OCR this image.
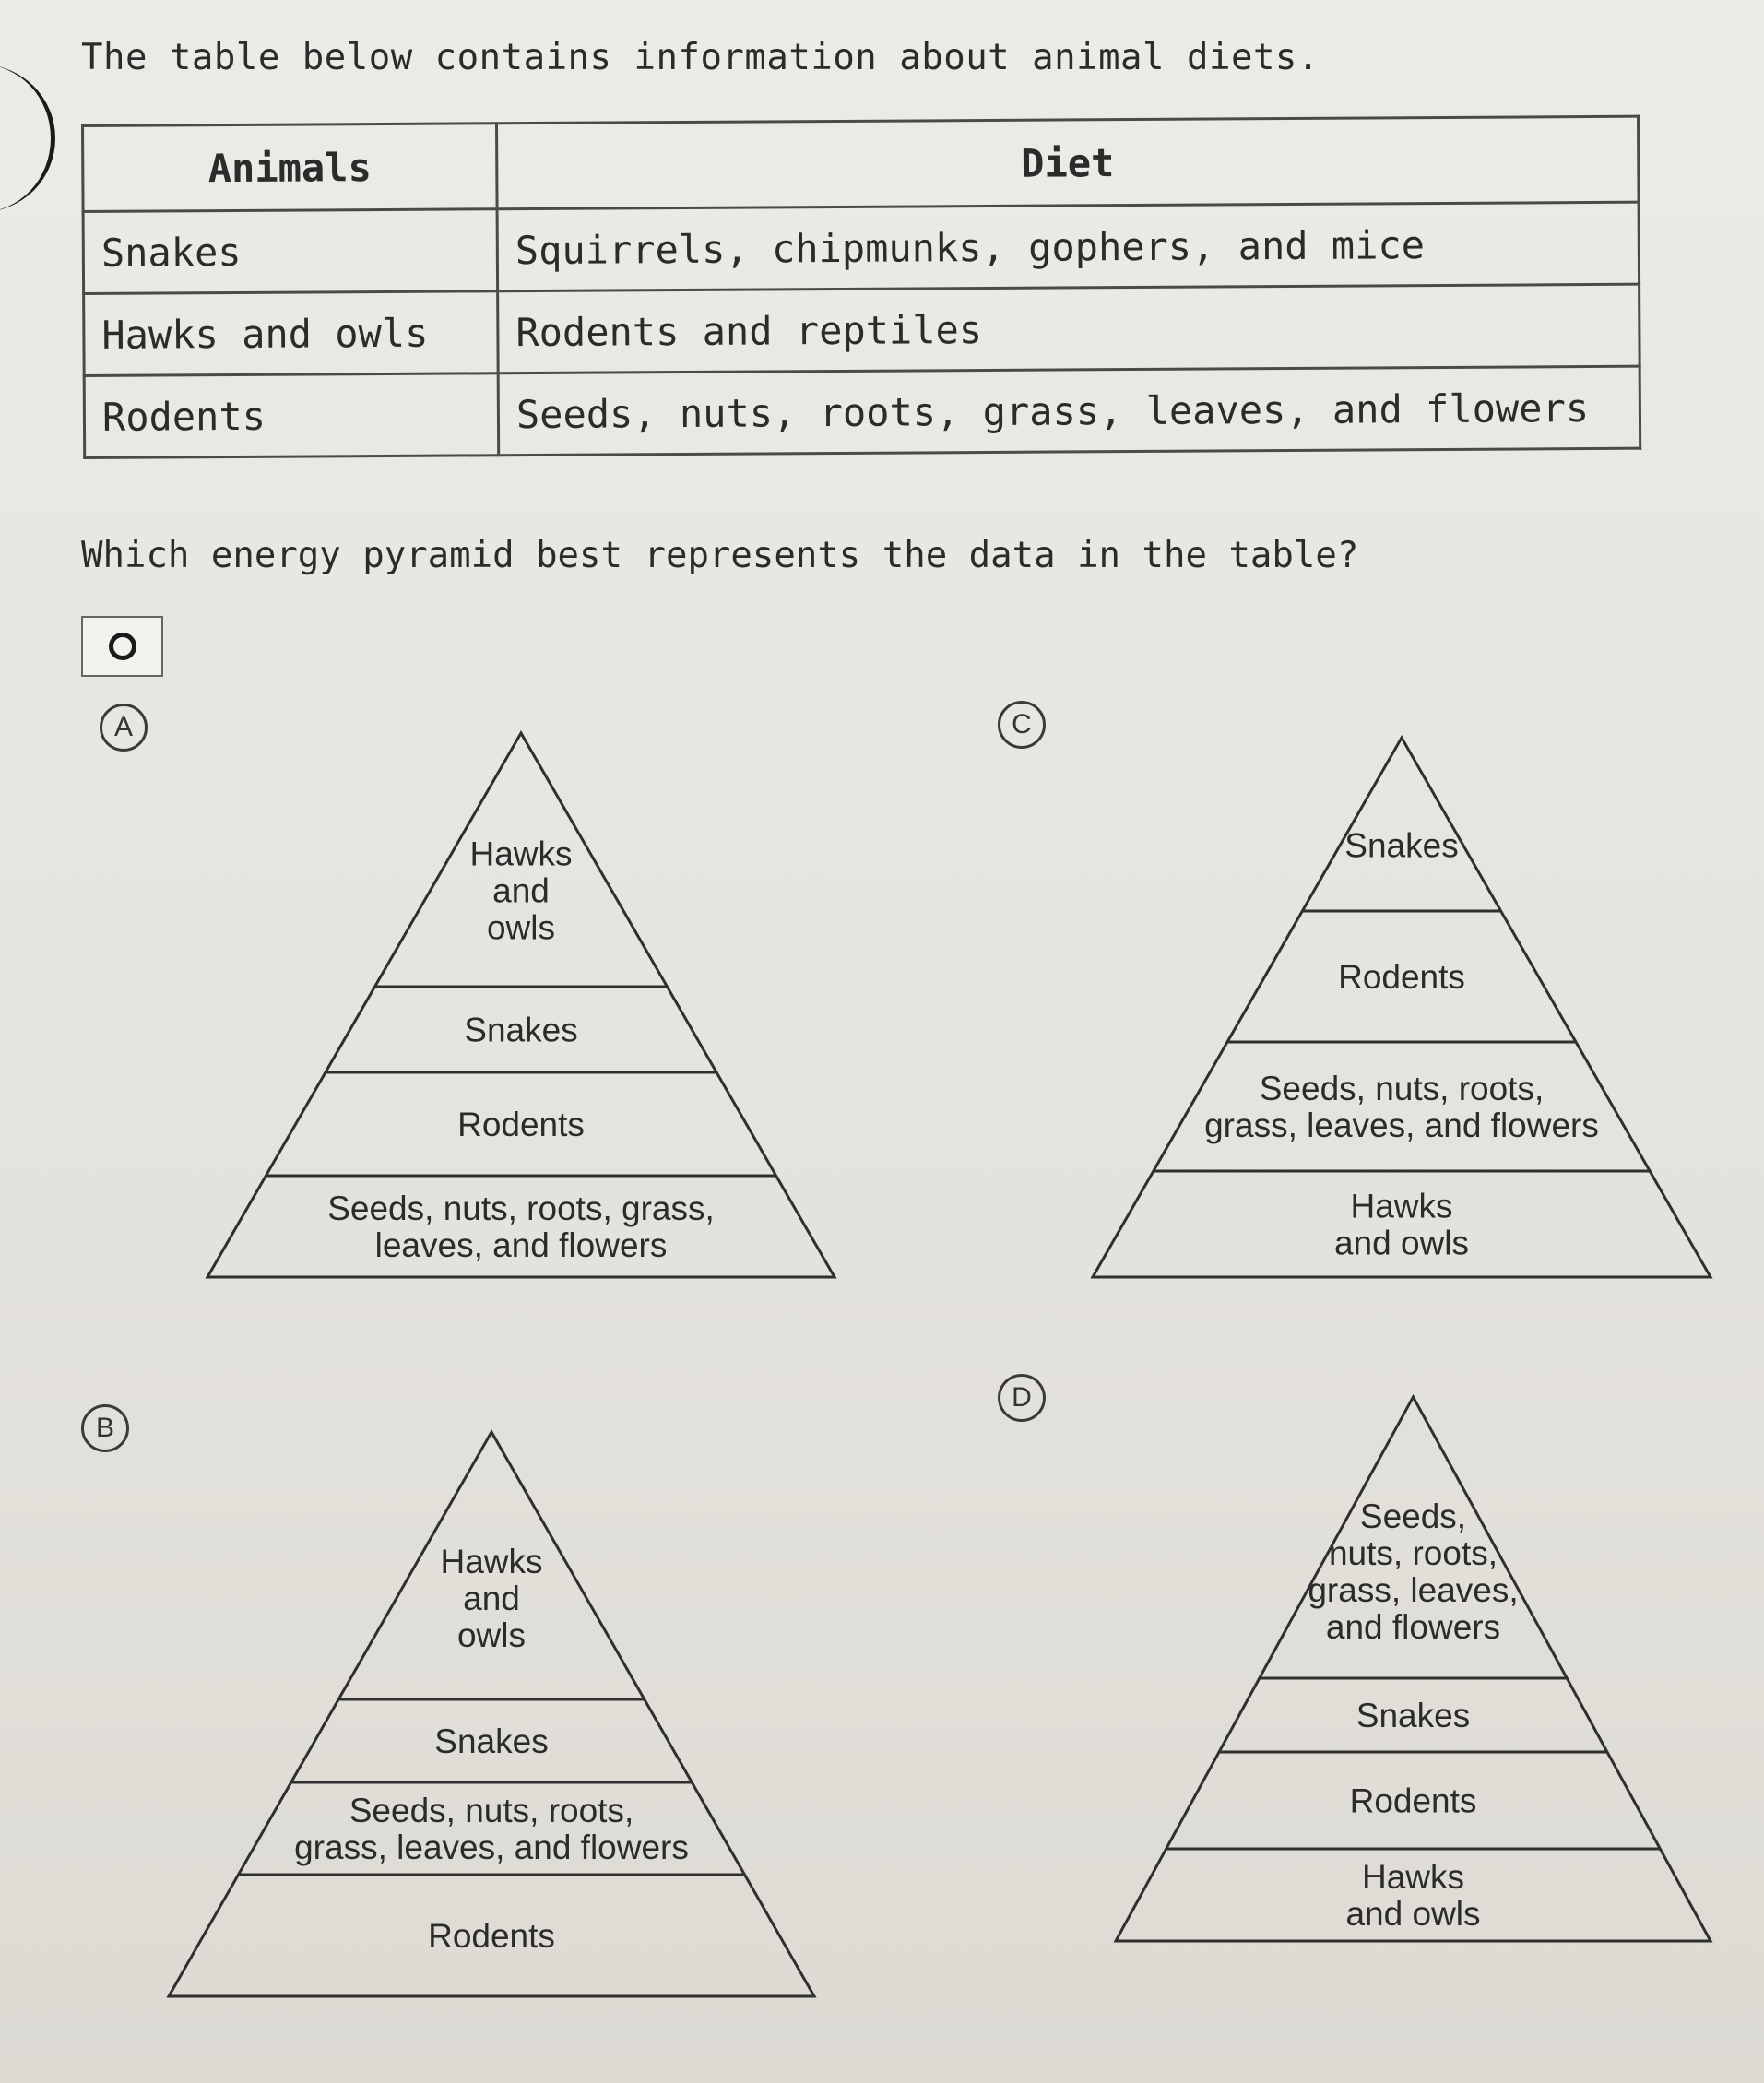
The table below contains information about animal diets.

Animals	Diet
Snakes	Squirrels, chipmunks, gophers, and mice
Hawks and owls	Rodents and reptiles
Rodents	Seeds, nuts, roots, grass, leaves, and flowers

Which energy pyramid best represents the data in the table?

A
Hawks
and
owls
Snakes
Rodents
Seeds, nuts, roots, grass,
leaves, and flowers
C
Snakes
Rodents
Seeds, nuts, roots,
grass, leaves, and flowers
Hawks
and owls
B
Hawks
and
owls
Snakes
Seeds, nuts, roots,
grass, leaves, and flowers
Rodents
D
Seeds,
nuts, roots,
grass, leaves,
and flowers
Snakes
Rodents
Hawks
and owls
